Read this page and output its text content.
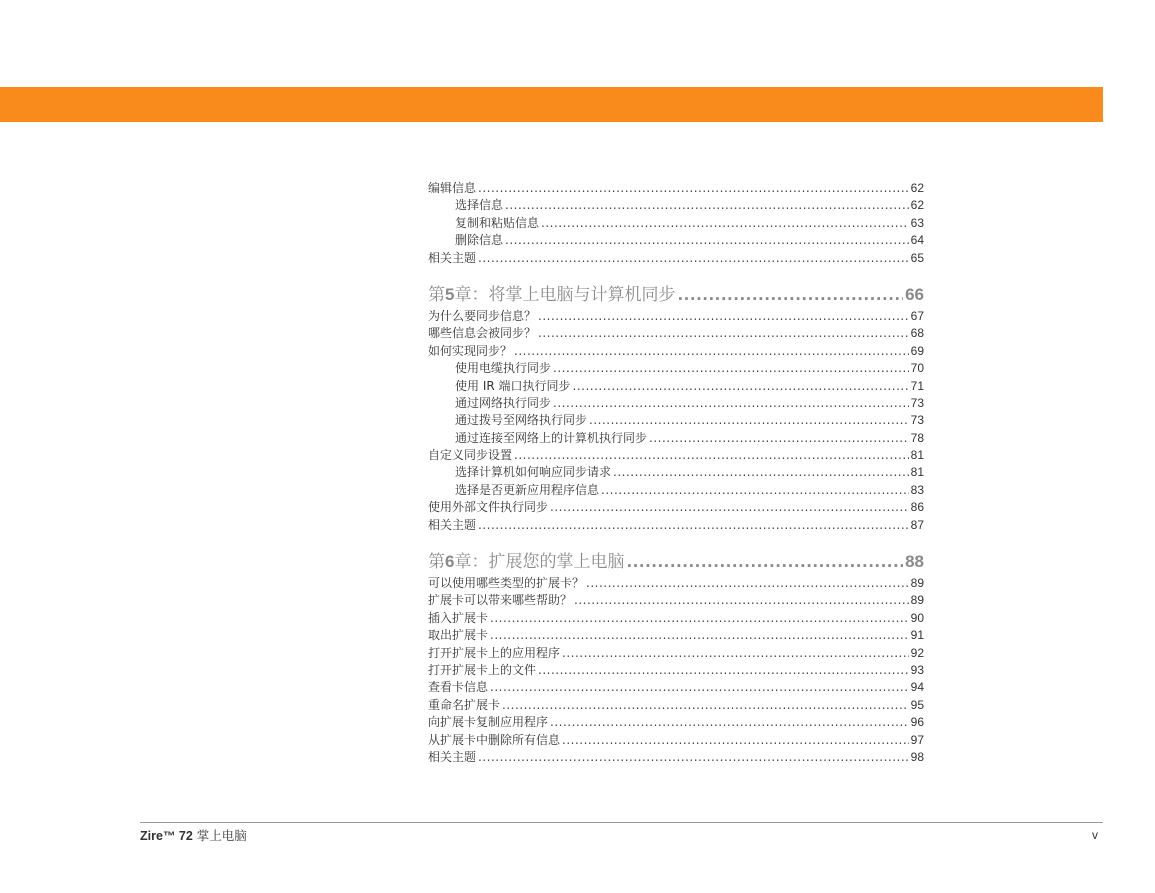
编辑信息 .....	62
选择信息 .....	62
复制和粘贴信息 .....	63
删除信息 .....	64
相关主题 .....	65
第 5 章：将掌上电脑与计算机同步 .....	66
为什么要同步信息？ .....	67
哪些信息会被同步？ .....	68
如何实现同步？ .....	69
使用电缆执行同步 .....	70
使用 IR 端口执行同步 .....	71
通过网络执行同步 .....	73
通过拨号至网络执行同步 .....	73
通过连接至网络上的计算机执行同步 .....	78
自定义同步设置 .....	81
选择计算机如何响应同步请求 .....	81
选择是否更新应用程序信息 .....	83
使用外部文件执行同步 .....	86
相关主题 .....	87
第 6 章：扩展您的掌上电脑 .....	88
可以使用哪些类型的扩展卡？ .....	89
扩展卡可以带来哪些帮助？ .....	89
插入扩展卡 .....	90
取出扩展卡 .....	91
打开扩展卡上的应用程序 .....	92
打开扩展卡上的文件 .....	93
查看卡信息 .....	94
重命名扩展卡 .....	95
向扩展卡复制应用程序 .....	96
从扩展卡中删除所有信息 .....	97
相关主题 .....	98
Zire™ 72 掌上电脑	v
